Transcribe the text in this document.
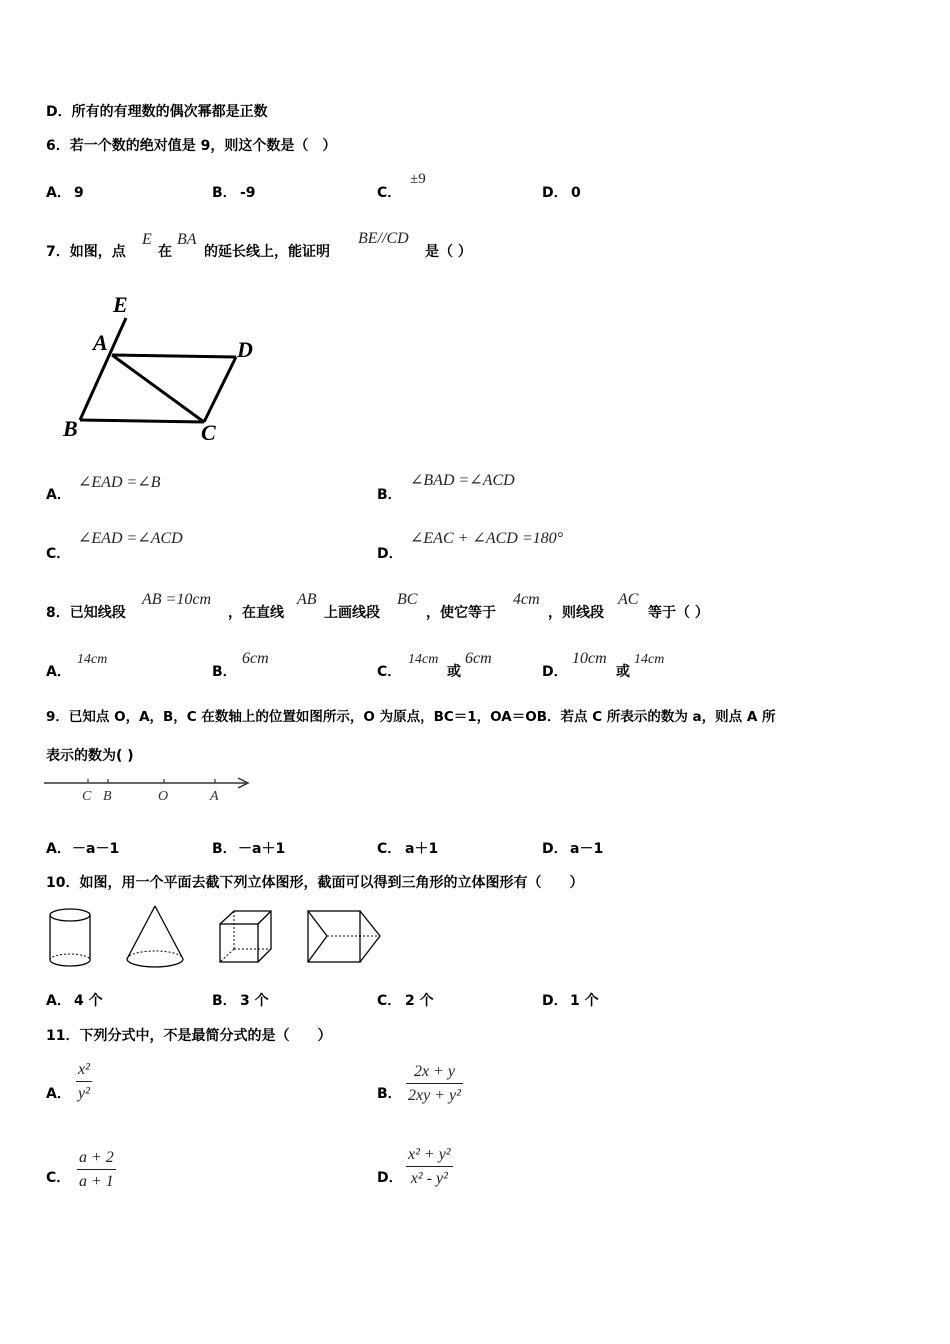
D．所有的有理数的偶次幂都是正数
6．若一个数的绝对值是 9，则这个数是（　）
A． 9	B． -9	C．
±9
D． 0
7．如图，点
E
在
BA
的延长线上，能证明
BE//CD
是（ ）
E
A	D
B	C
A．
∠EAD =∠B
B．
∠BAD =∠ACD
C．
∠EAD =∠ACD
D．
∠EAC + ∠ACD =180°
8．已知线段
AB =10cm
，在直线
AB
上画线段
BC
，使它等于
4cm
，则线段
AC
等于（ ）
A．
14cm
B．
6cm
C．
14cm
或
6cm
D．
10cm
或
14cm
9．已知点 O，A，B，C 在数轴上的位置如图所示，O 为原点，BC＝1，OA＝OB．若点 C 所表示的数为 a，则点 A 所
表示的数为( )
C B	O	A
A． －a－1	B． －a＋1	C． a＋1	D． a－1
10．如图，用一个平面去截下列立体图形，截面可以得到三角形的立体图形有（　　）
A． 4 个	B． 3 个	C． 2 个	D． 1 个
11．下列分式中，不是最简分式的是（　　）
A． $\frac{\text{x²}}{\text{y²}}$	B． $\frac{2x + y}{\text{2xy + y²}}$
C． $\frac{a + 2}{a + 1}$	D． $\frac{\text{x² + y²}}{\text{x² - y²}}$
